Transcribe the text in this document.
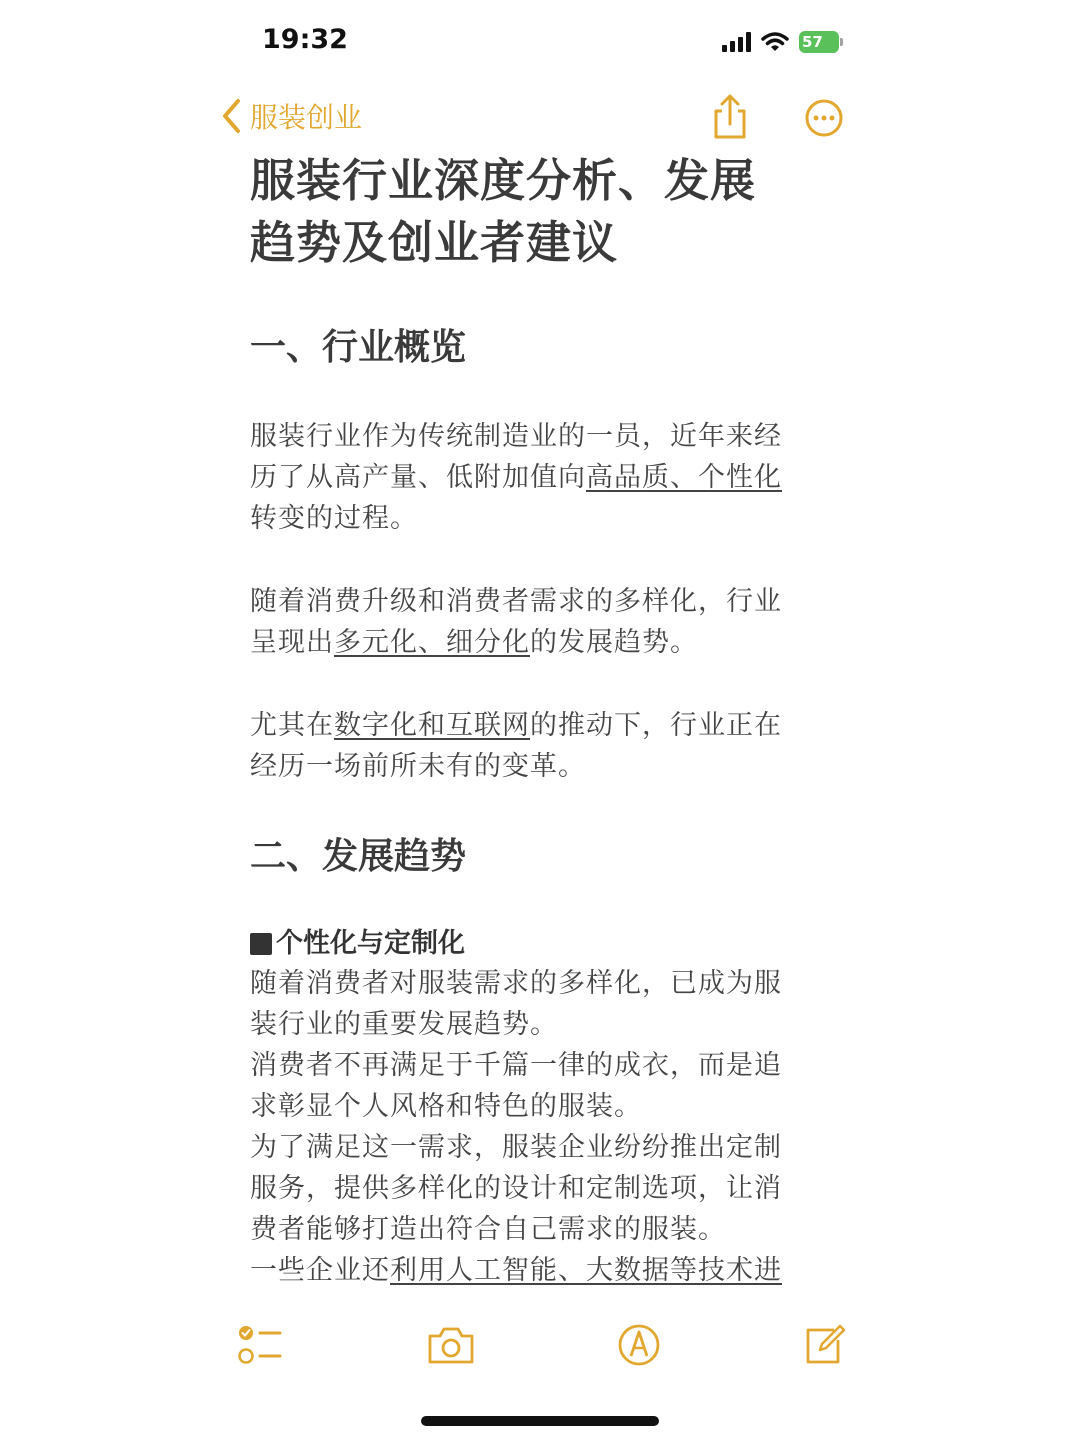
19:32	57
服装创业
服装行业深度分析、发展
趋势及创业者建议
一、行业概览
服装行业作为传统制造业的一员，近年来经
历了从高产量、低附加值向高品质、个性化
转变的过程。
随着消费升级和消费者需求的多样化，行业
呈现出多元化、细分化的发展趋势。
尤其在数字化和互联网的推动下，行业正在
经历一场前所未有的变革。
二、发展趋势
个性化与定制化
随着消费者对服装需求的多样化，已成为服
装行业的重要发展趋势。
消费者不再满足于千篇一律的成衣，而是追
求彰显个人风格和特色的服装。
为了满足这一需求，服装企业纷纷推出定制
服务，提供多样化的设计和定制选项，让消
费者能够打造出符合自己需求的服装。
一些企业还利用人工智能、大数据等技术进
